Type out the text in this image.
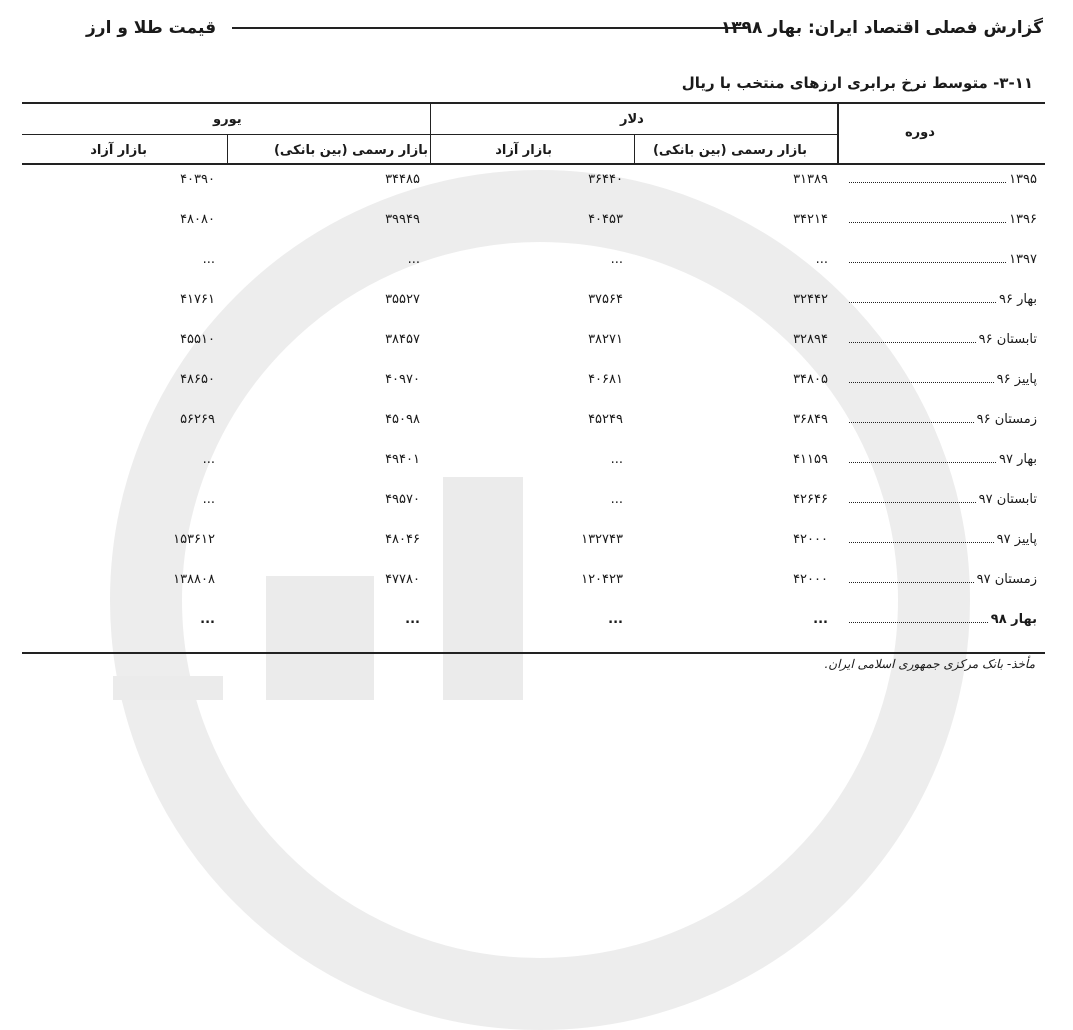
قیمت طلا و ارز	گزارش فصلی اقتصاد ایران: بهار ۱۳۹۸
۳-۱۱- متوسط نرخ برابری ارزهای منتخب با ریال
دوره
دلار
یورو
بازار رسمی (بین بانکی)
بازار آزاد
بازار رسمی (بین بانکی)
بازار آزاد
۱۳۹۵
۳۱۳۸۹
۳۶۴۴۰
۳۴۴۸۵
۴۰۳۹۰
۱۳۹۶
۳۴۲۱۴
۴۰۴۵۳
۳۹۹۴۹
۴۸۰۸۰
۱۳۹۷
...
...
...
...
بهار ۹۶
۳۲۴۴۲
۳۷۵۶۴
۳۵۵۲۷
۴۱۷۶۱
تابستان ۹۶
۳۲۸۹۴
۳۸۲۷۱
۳۸۴۵۷
۴۵۵۱۰
پاییز ۹۶
۳۴۸۰۵
۴۰۶۸۱
۴۰۹۷۰
۴۸۶۵۰
زمستان ۹۶
۳۶۸۴۹
۴۵۲۴۹
۴۵۰۹۸
۵۶۲۶۹
بهار ۹۷
۴۱۱۵۹
...
۴۹۴۰۱
...
تابستان ۹۷
۴۲۶۴۶
...
۴۹۵۷۰
...
پاییز ۹۷
۴۲۰۰۰
۱۳۲۷۴۳
۴۸۰۴۶
۱۵۳۶۱۲
زمستان ۹۷
۴۲۰۰۰
۱۲۰۴۲۳
۴۷۷۸۰
۱۳۸۸۰۸
بهار ۹۸
...
...
...
...
مأخذ- بانک مرکزی جمهوری اسلامی ایران.
